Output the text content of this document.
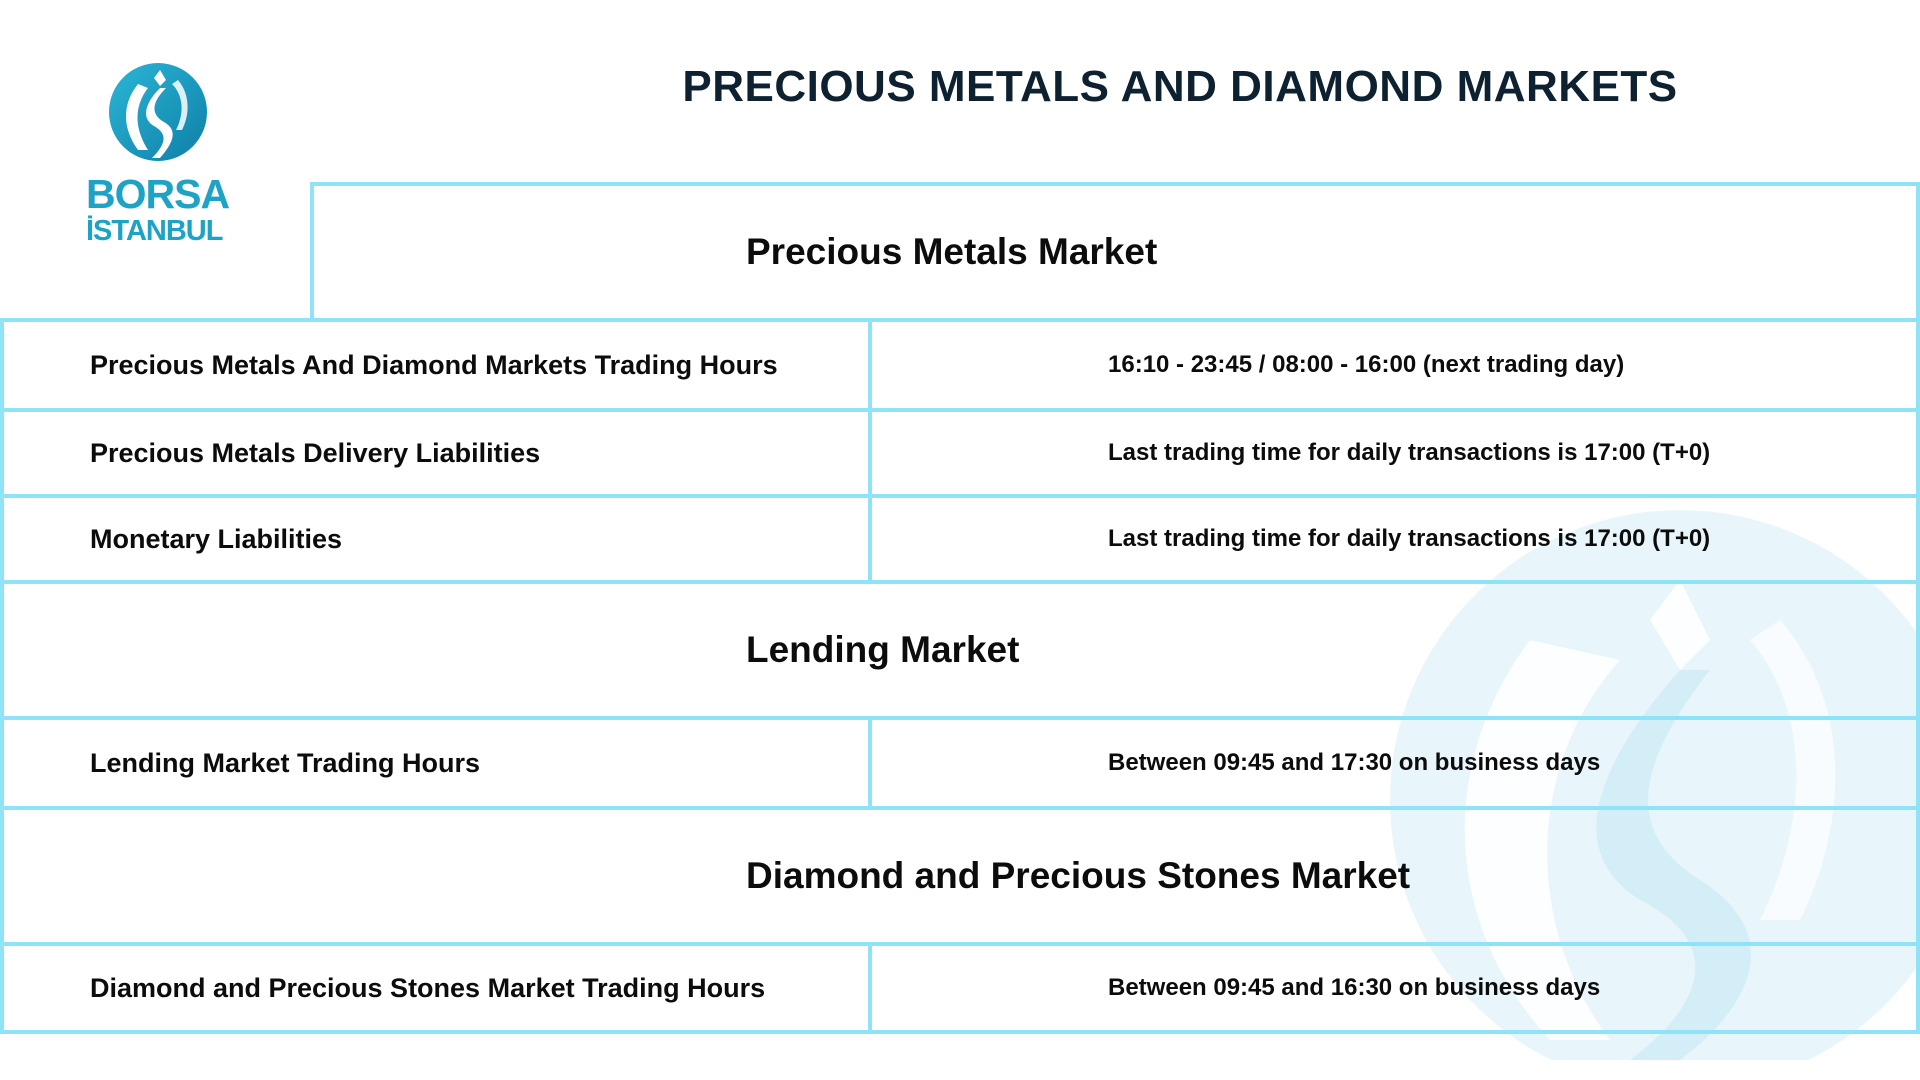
BORSA
İSTANBUL
PRECIOUS METALS AND DIAMOND MARKETS
Precious Metals Market
Precious Metals And Diamond Markets Trading Hours	16:10 - 23:45 / 08:00 - 16:00 (next trading day)
Precious Metals Delivery Liabilities	Last trading time for daily transactions is 17:00 (T+0)
Monetary Liabilities	Last trading time for daily transactions is 17:00 (T+0)
Lending Market
Lending Market Trading Hours	Between 09:45 and 17:30 on business days
Diamond and Precious Stones Market
Diamond and Precious Stones Market Trading Hours	Between 09:45 and 16:30 on business days
